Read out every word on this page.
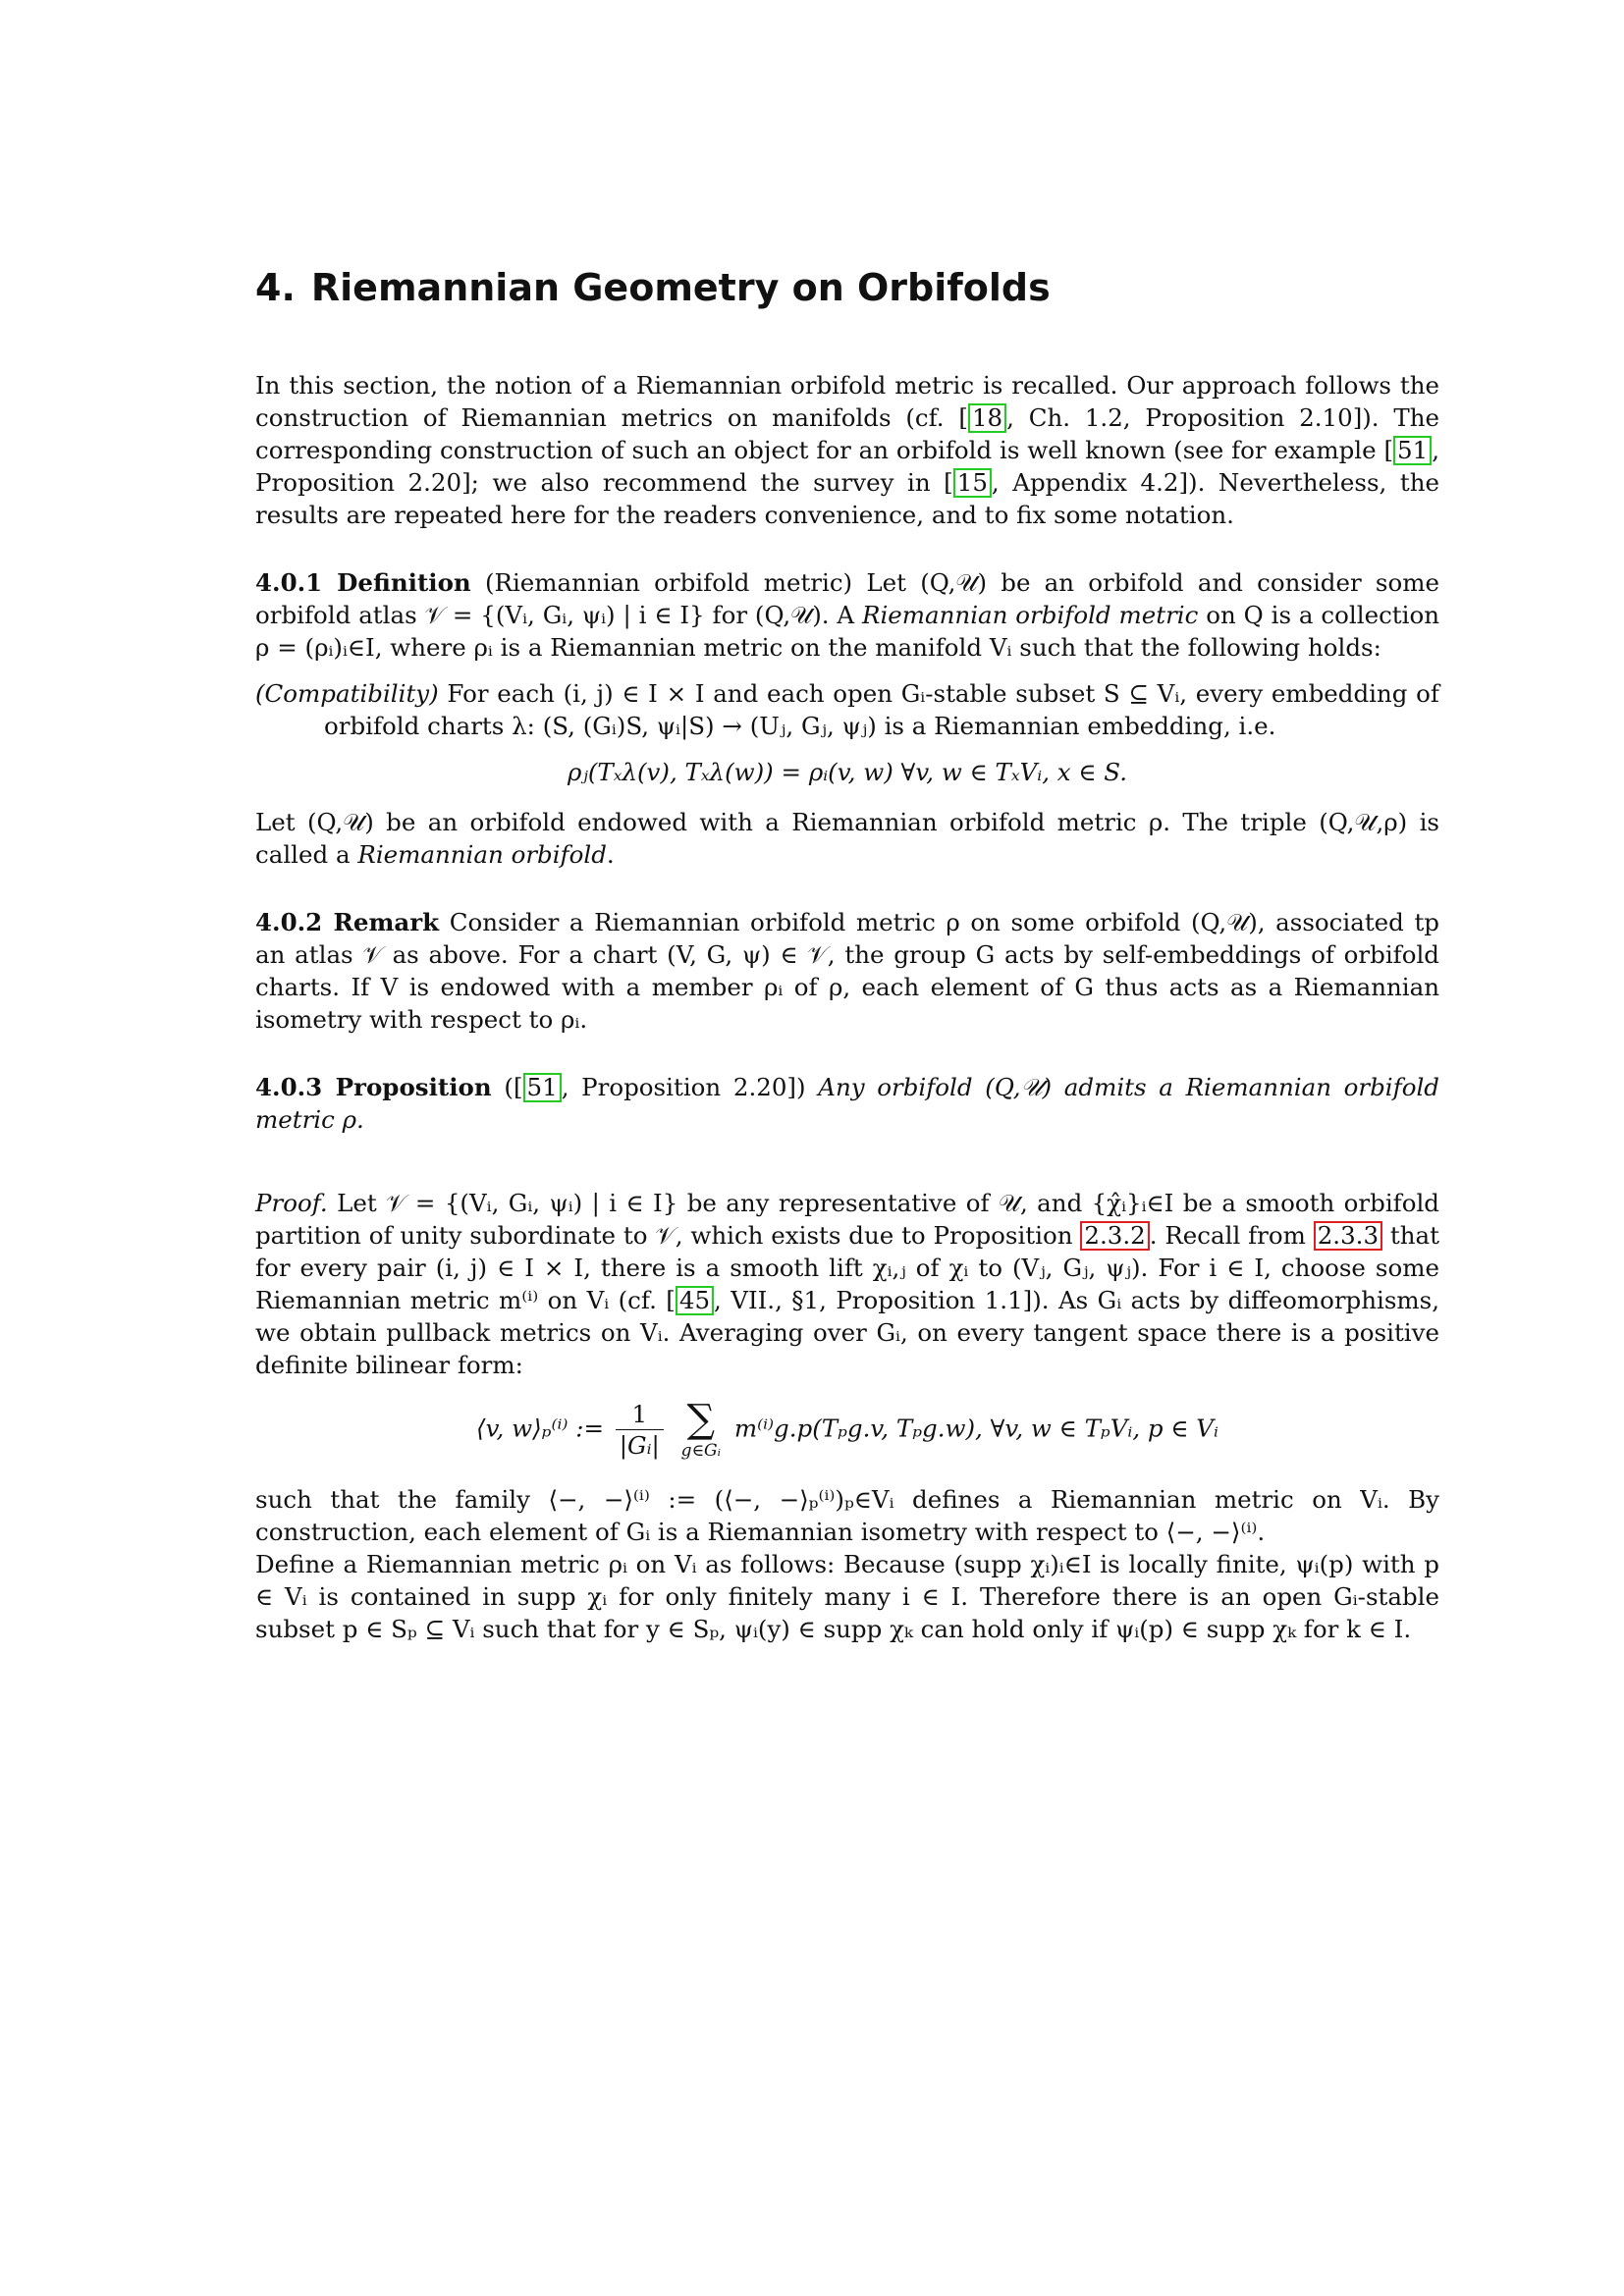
4. Riemannian Geometry on Orbifolds

In this section, the notion of a Riemannian orbifold metric is recalled. Our approach follows the construction of Riemannian metrics on manifolds (cf. [ 18 , Ch. 1.2, Proposition 2.10]). The corresponding construction of such an object for an orbifold is well known (see for example [ 51 , Proposition 2.20]; we also recommend the survey in [ 15 , Appendix 4.2]). Nevertheless, the results are repeated here for the readers convenience, and to fix some notation.

4.0.1 Definition (Riemannian orbifold metric) Let (Q,𝒰) be an orbifold and consider some orbifold atlas 𝒱 = {(Vᵢ, Gᵢ, ψᵢ) | i ∈ I} for (Q,𝒰). A Riemannian orbifold metric on Q is a collection ρ = (ρᵢ)ᵢ∈I, where ρᵢ is a Riemannian metric on the manifold Vᵢ such that the following holds:

(Compatibility) For each (i, j) ∈ I × I and each open Gᵢ-stable subset S ⊆ Vᵢ, every embedding of orbifold charts λ: (S, (Gᵢ)S, ψᵢ|S) → (Uⱼ, Gⱼ, ψⱼ) is a Riemannian embedding, i.e.

ρⱼ(Tₓλ(v), Tₓλ(w)) = ρᵢ(v, w) ∀v, w ∈ TₓVᵢ, x ∈ S.

Let (Q,𝒰) be an orbifold endowed with a Riemannian orbifold metric ρ. The triple (Q,𝒰,ρ) is called a Riemannian orbifold.

4.0.2 Remark Consider a Riemannian orbifold metric ρ on some orbifold (Q,𝒰), associated tp an atlas 𝒱 as above. For a chart (V, G, ψ) ∈ 𝒱, the group G acts by self-embeddings of orbifold charts. If V is endowed with a member ρᵢ of ρ, each element of G thus acts as a Riemannian isometry with respect to ρᵢ.

4.0.3 Proposition ([ 51 , Proposition 2.20]) Any orbifold (Q,𝒰) admits a Riemannian orbifold metric ρ.

Proof. Let 𝒱 = {(Vᵢ, Gᵢ, ψᵢ) | i ∈ I} be any representative of 𝒰, and {χ̂ᵢ}ᵢ∈I be a smooth orbifold partition of unity subordinate to 𝒱, which exists due to Proposition 2.3.2 . Recall from 2.3.3 that for every pair (i, j) ∈ I × I, there is a smooth lift χᵢ,ⱼ of χᵢ to (Vⱼ, Gⱼ, ψⱼ). For i ∈ I, choose some Riemannian metric m⁽ⁱ⁾ on Vᵢ (cf. [ 45 , VII., §1, Proposition 1.1]). As Gᵢ acts by diffeomorphisms, we obtain pullback metrics on Vᵢ. Averaging over Gᵢ, on every tangent space there is a positive definite bilinear form:

⟨v, w⟩ₚ⁽ⁱ⁾ := $\frac{1}{\text{|Gᵢ|}}$
∑
g∈Gᵢ
m⁽ⁱ⁾g.p(Tₚg.v, Tₚg.w), ∀v, w ∈ TₚVᵢ, p ∈ Vᵢ

such that the family ⟨−, −⟩⁽ⁱ⁾ := (⟨−, −⟩ₚ⁽ⁱ⁾)ₚ∈Vᵢ defines a Riemannian metric on Vᵢ. By construction, each element of Gᵢ is a Riemannian isometry with respect to ⟨−, −⟩⁽ⁱ⁾.

Define a Riemannian metric ρᵢ on Vᵢ as follows: Because (supp χᵢ)ᵢ∈I is locally finite, ψᵢ(p) with p ∈ Vᵢ is contained in supp χᵢ for only finitely many i ∈ I. Therefore there is an open Gᵢ-stable subset p ∈ Sₚ ⊆ Vᵢ such that for y ∈ Sₚ, ψᵢ(y) ∈ supp χₖ can hold only if ψᵢ(p) ∈ supp χₖ for k ∈ I.
